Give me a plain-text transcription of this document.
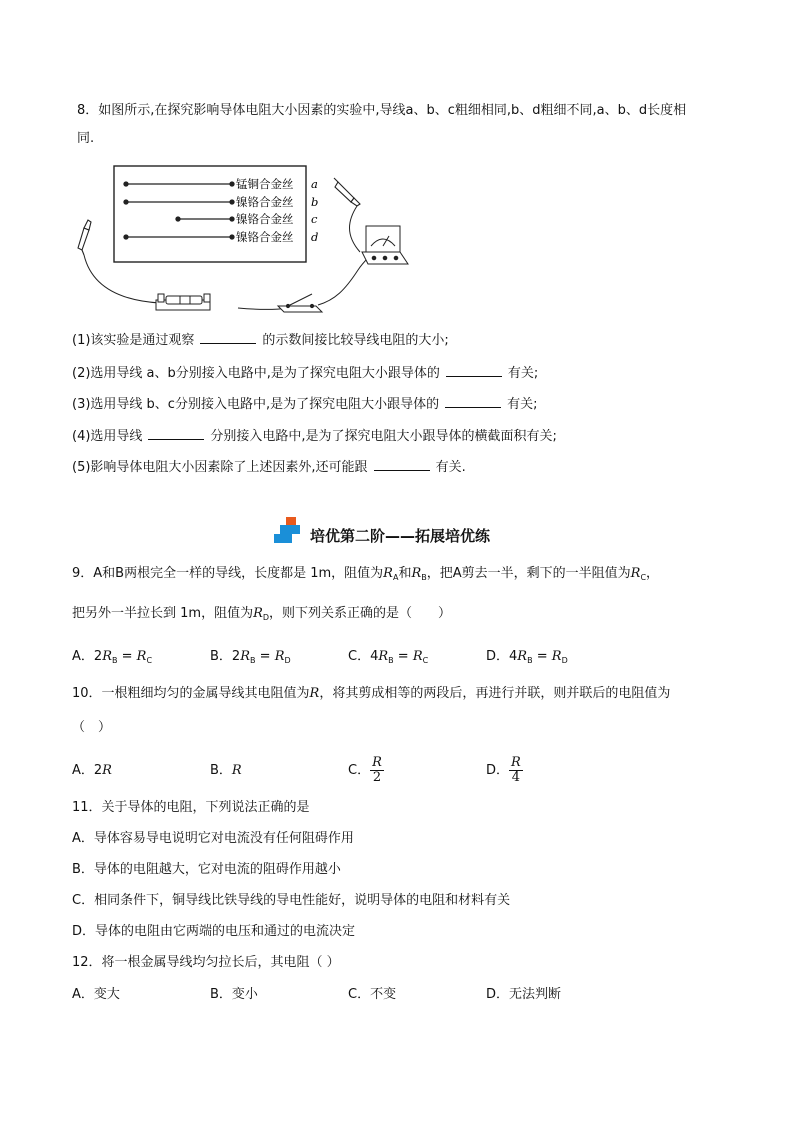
8．如图所示,在探究影响导体电阻大小因素的实验中,导线a、b、c粗细相同,b、d粗细不同,a、b、d长度相
同.
锰铜合金丝
镍铬合金丝
镍铬合金丝
镍铬合金丝
a
b
c
d
(1)该实验是通过观察	的示数间接比较导线电阻的大小;
(2)选用导线 a、b分别接入电路中,是为了探究电阻大小跟导体的	有关;
(3)选用导线 b、c分别接入电路中,是为了探究电阻大小跟导体的	有关;
(4)选用导线	分别接入电路中,是为了探究电阻大小跟导体的横截面积有关;
(5)影响导体电阻大小因素除了上述因素外,还可能跟	有关.
培优第二阶——拓展培优练
9．A和B两根完全一样的导线，长度都是 1m，阻值为$R_A$和$R_B$，把A剪去一半，剩下的一半阻值为$R_C$，
把另外一半拉长到 1m，阻值为$R_D$，则下列关系正确的是（　　）
A．$2R_B = R_C$	B．$2R_B = R_D$	C．$4R_B = R_C$	D．$4R_B = R_D$
10．一根粗细均匀的金属导线其电阻值为R，将其剪成相等的两段后，再进行并联，则并联后的电阻值为
（　）
A．2R	B．R	C． $\frac{R}{2}$	D． $\frac{R}{4}$
11．关于导体的电阻，下列说法正确的是
A．导体容易导电说明它对电流没有任何阻碍作用
B．导体的电阻越大，它对电流的阻碍作用越小
C．相同条件下，铜导线比铁导线的导电性能好，说明导体的电阻和材料有关
D．导体的电阻由它两端的电压和通过的电流决定
12．将一根金属导线均匀拉长后，其电阻（ ）
A．变大	B．变小	C．不变	D．无法判断
